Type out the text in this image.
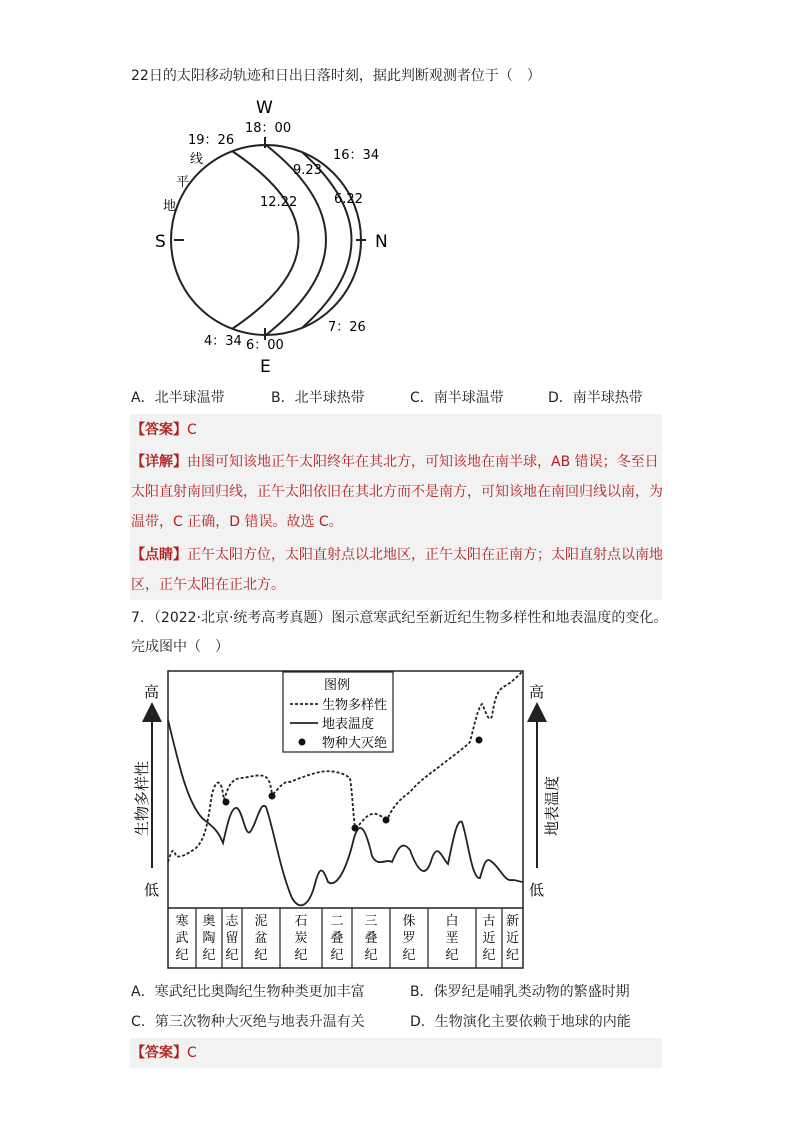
22日的太阳移动轨迹和日出日落时刻，据此判断观测者位于（　）
W
E
S	N
19：26
18：00
16：34
9.23
12.22	6.22
4：34 6：00
7：26
线
平
地
A．北半球温带	B．北半球热带	C．南半球温带	D．南半球热带
【答案】C
【详解】由图可知该地正午太阳终年在其北方，可知该地在南半球，AB 错误；冬至日
太阳直射南回归线，正午太阳依旧在其北方而不是南方，可知该地在南回归线以南，为
温带，C 正确，D 错误。故选 C。
【点睛】正午太阳方位，太阳直射点以北地区，正午太阳在正南方；太阳直射点以南地
区，正午太阳在正北方。
7．（2022·北京·统考高考真题）图示意寒武纪至新近纪生物多样性和地表温度的变化。
完成图中（　）
寒
武
纪
奥
陶
纪
志
留
纪
泥
盆
纪
石
炭
纪
二
叠
纪
三
叠
纪
侏
罗
纪
白
垩
纪
古
近
纪
新
近
纪
高
低
高
低
生物多样性	地表温度
图例
生物多样性
地表温度
物种大灭绝
A．寒武纪比奥陶纪生物种类更加丰富	B．侏罗纪是哺乳类动物的繁盛时期
C．第三次物种大灭绝与地表升温有关	D．生物演化主要依赖于地球的内能
【答案】C
